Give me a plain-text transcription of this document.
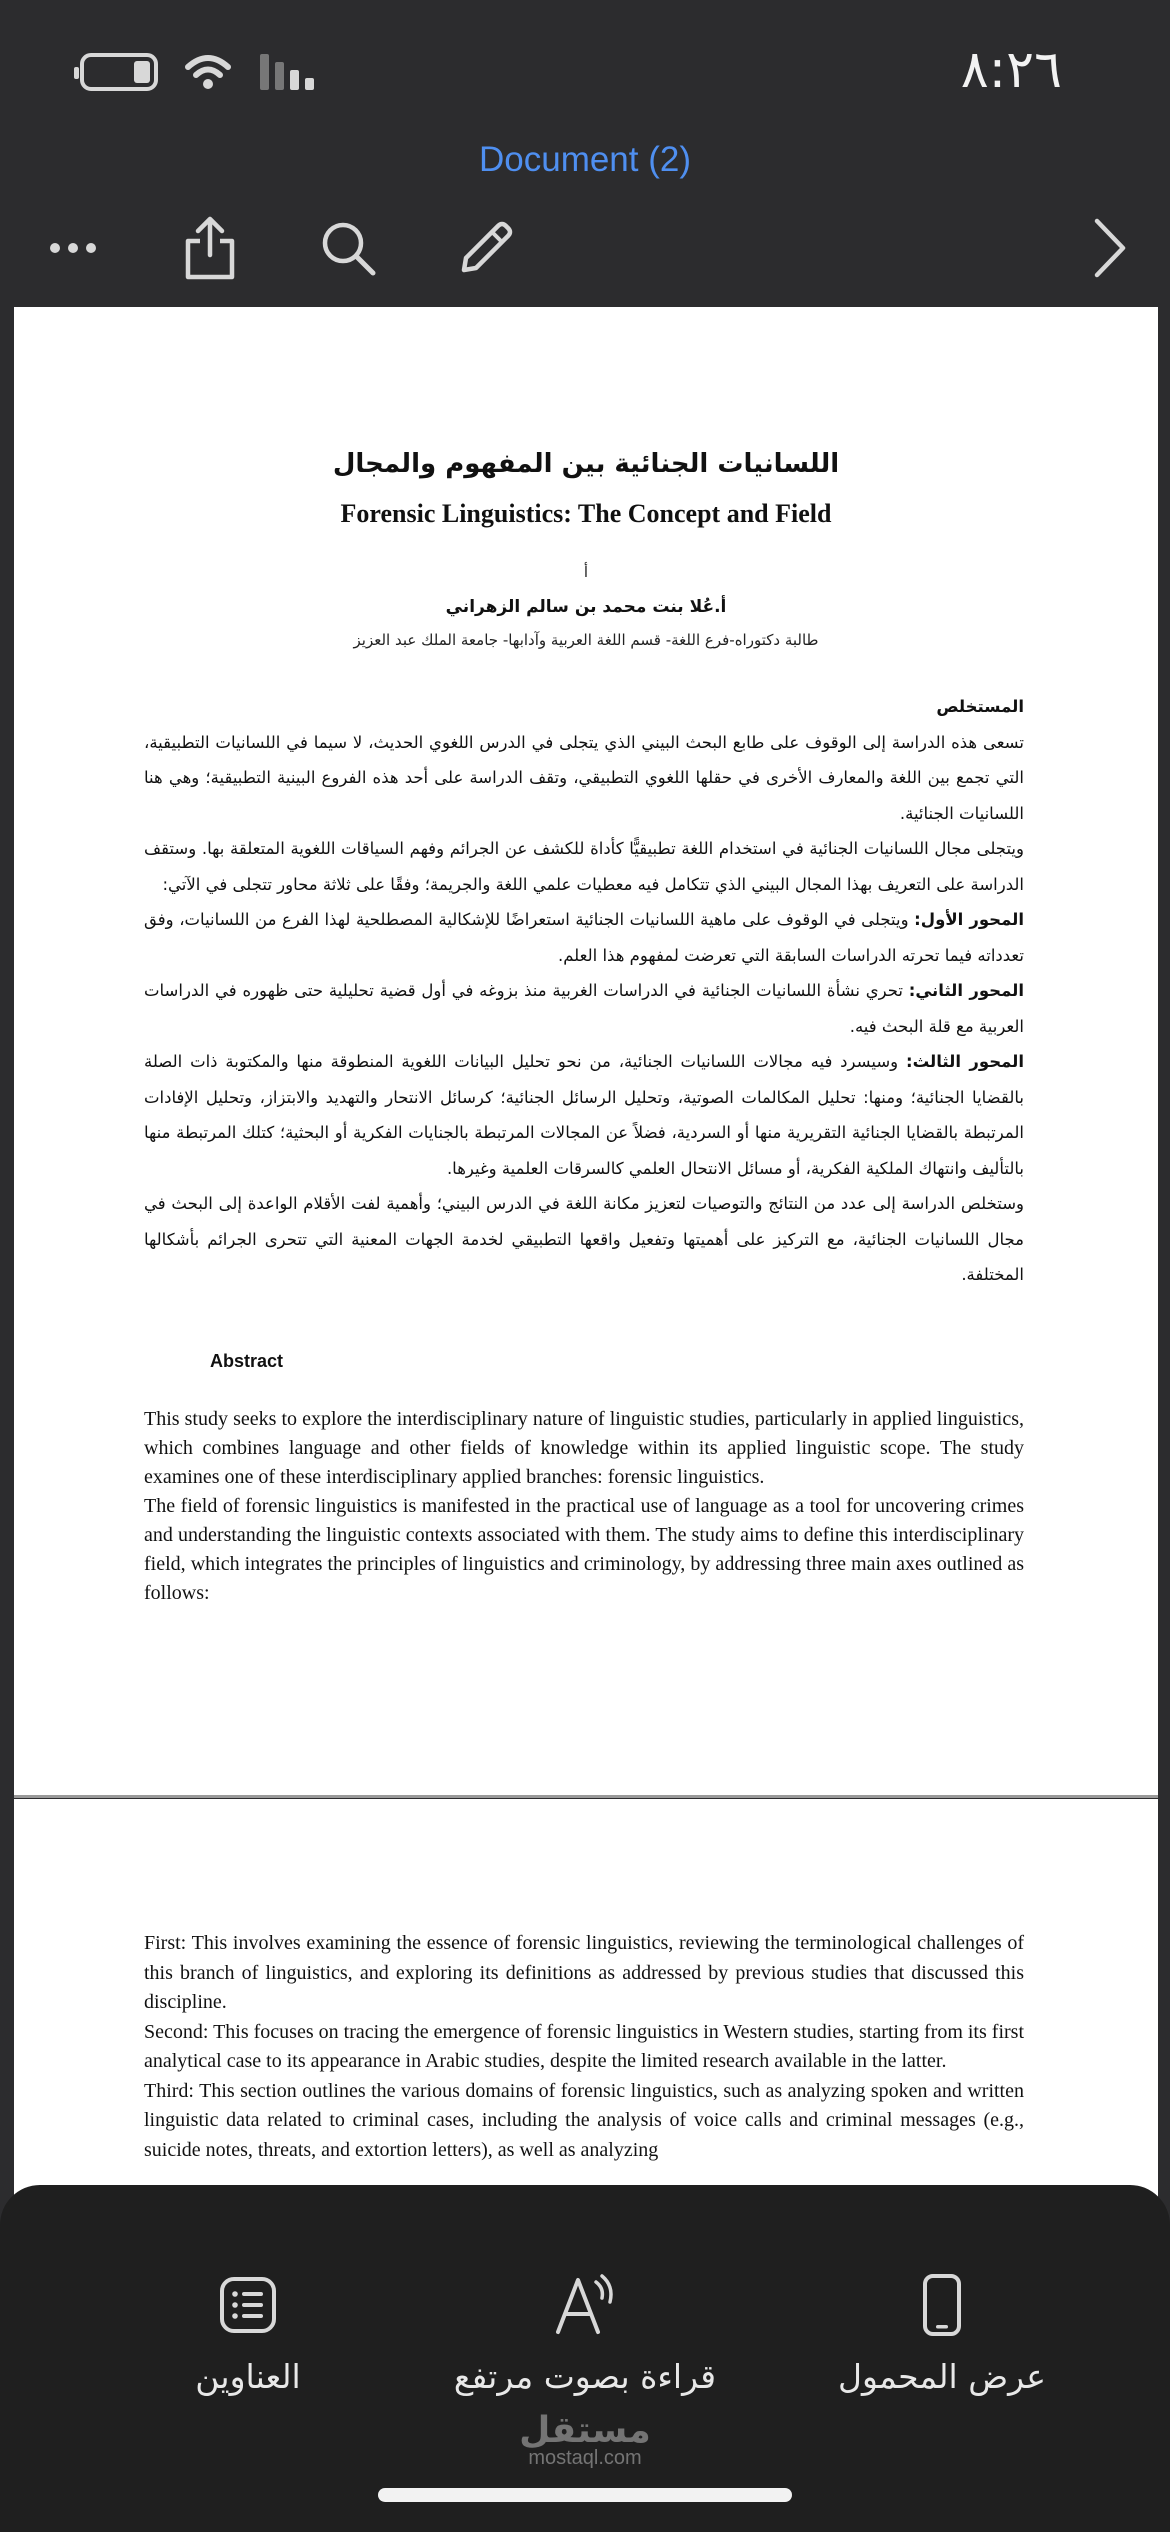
٨:٢٦
Document (2)
اللسانيات الجنائية بين المفهوم والمجال
Forensic Linguistics: The Concept and Field
أ
أ.عُلا بنت محمد بن سالم الزهراني
طالبة دكتوراه-فرع اللغة- قسم اللغة العربية وآدابها- جامعة الملك عبد العزيز

المستخلص

تسعى هذه الدراسة إلى الوقوف على طابع البحث البيني الذي يتجلى في الدرس اللغوي الحديث، لا سيما في اللسانيات التطبيقية، التي تجمع بين اللغة والمعارف الأخرى في حقلها اللغوي التطبيقي، وتقف الدراسة على أحد هذه الفروع البينية التطبيقية؛ وهي هنا اللسانيات الجنائية.

ويتجلى مجال اللسانيات الجنائية في استخدام اللغة تطبيقيًّا كأداة للكشف عن الجرائم وفهم السياقات اللغوية المتعلقة بها. وستقف الدراسة على التعريف بهذا المجال البيني الذي تتكامل فيه معطيات علمي اللغة والجريمة؛ وفقًا على ثلاثة محاور تتجلى في الآتي:

المحور الأول: ويتجلى في الوقوف على ماهية اللسانيات الجنائية استعراضًا للإشكالية المصطلحية لهذا الفرع من اللسانيات، وفق تعدداته فيما تحرته الدراسات السابقة التي تعرضت لمفهوم هذا العلم.

المحور الثاني: تحري نشأة اللسانيات الجنائية في الدراسات الغربية منذ بزوغه في أول قضية تحليلية حتى ظهوره في الدراسات العربية مع قلة البحث فيه.

المحور الثالث: وسيسرد فيه مجالات اللسانيات الجنائية، من نحو تحليل البيانات اللغوية المنطوقة منها والمكتوبة ذات الصلة بالقضايا الجنائية؛ ومنها: تحليل المكالمات الصوتية، وتحليل الرسائل الجنائية؛ كرسائل الانتحار والتهديد والابتزاز، وتحليل الإفادات المرتبطة بالقضايا الجنائية التقريرية منها أو السردية، فضلاً عن المجالات المرتبطة بالجنايات الفكرية أو البحثية؛ كتلك المرتبطة منها بالتأليف وانتهاك الملكية الفكرية، أو مسائل الانتحال العلمي كالسرقات العلمية وغيرها.

وستخلص الدراسة إلى عدد من النتائج والتوصيات لتعزيز مكانة اللغة في الدرس البيني؛ وأهمية لفت الأقلام الواعدة إلى البحث في مجال اللسانيات الجنائية، مع التركيز على أهميتها وتفعيل واقعها التطبيقي لخدمة الجهات المعنية التي تتحرى الجرائم بأشكالها المختلفة.

Abstract

This study seeks to explore the interdisciplinary nature of linguistic studies, particularly in applied linguistics, which combines language and other fields of knowledge within its applied linguistic scope. The study examines one of these interdisciplinary applied branches: forensic linguistics.

The field of forensic linguistics is manifested in the practical use of language as a tool for uncovering crimes and understanding the linguistic contexts associated with them. The study aims to define this interdisciplinary field, which integrates the principles of linguistics and criminology, by addressing three main axes outlined as follows:

First: This involves examining the essence of forensic linguistics, reviewing the terminological challenges of this branch of linguistics, and exploring its definitions as addressed by previous studies that discussed this discipline.

Second: This focuses on tracing the emergence of forensic linguistics in Western studies, starting from its first analytical case to its appearance in Arabic studies, despite the limited research available in the latter.

Third: This section outlines the various domains of forensic linguistics, such as analyzing spoken and written linguistic data related to criminal cases, including the analysis of voice calls and criminal messages (e.g., suicide notes, threats, and extortion letters), as well as analyzing

العناوين	قراءة بصوت مرتفع	عرض المحمول
مستقل
mostaql.com
